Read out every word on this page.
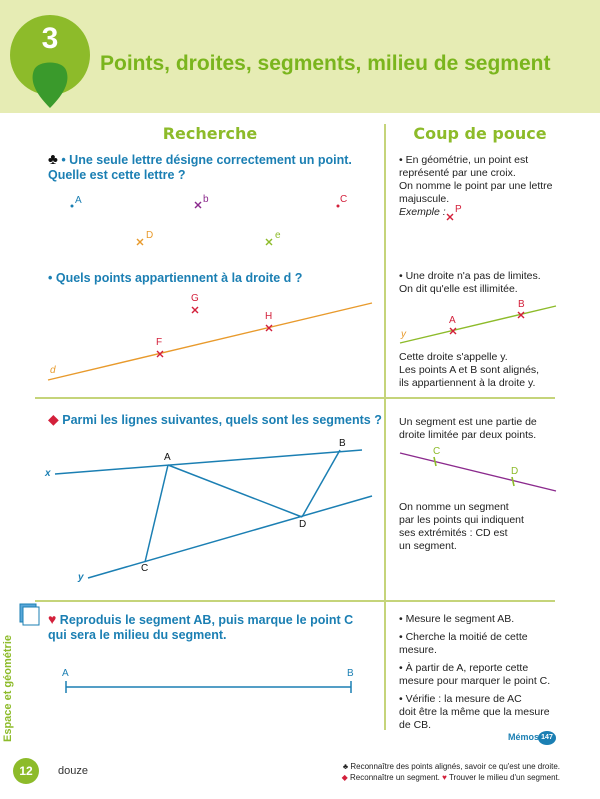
3
Points, droites, segments, milieu de segment
Recherche	Coup de pouce
♣ • Une seule lettre désigne correctement un point.
Quelle est cette lettre ?
• Quels points appartiennent à la droite d ?
A	b	C
D	e
G
H
F
d
• En géométrie, un point est
représenté par une croix.
On nomme le point par une lettre
majuscule.
Exemple : P
• Une droite n'a pas de limites.
On dit qu'elle est illimitée.
A
B
y
Cette droite s'appelle y.
Les points A et B sont alignés,
ils appartiennent à la droite y.
◆ Parmi les lignes suivantes, quels sont les segments ?
x
y
A
B
C
D
Un segment est une partie de
droite limitée par deux points.
C
D
On nomme un segment
par les points qui indiquent
ses extrémités : CD est
un segment.
♥ Reproduis le segment AB, puis marque le point C
qui sera le milieu du segment.
A	B
• Mesure le segment AB.
• Cherche la moitié de cette
mesure.
• À partir de A, reporte cette
mesure pour marquer le point C.
• Vérifie : la mesure de AC
doit être la même que la mesure
de CB.
Mémos 147
Espace et géométrie
12	douze	♣ Reconnaître des points alignés, savoir ce qu'est une droite.
◆ Reconnaître un segment. ♥ Trouver le milieu d'un segment.
